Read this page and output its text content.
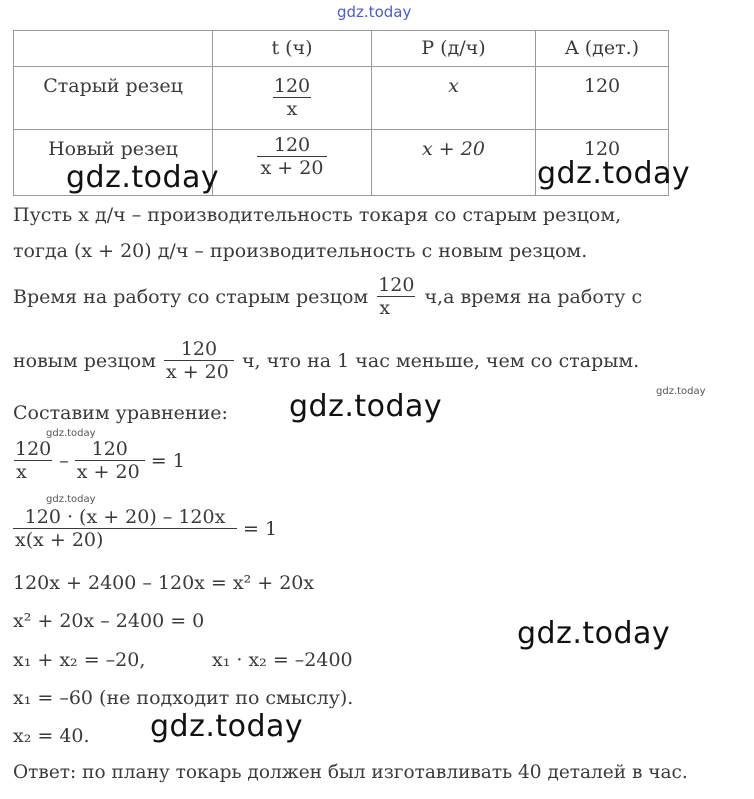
gdz.today
	t (ч)	P (д/ч)	A (дет.)
Старый резец	$\frac{120}{x}$	x	120
Новый резец	$\frac{120}{x + 20}$	x + 20	120
Пусть x д/ч – производительность токаря со старым резцом,
тогда (x + 20) д/ч – производительность с новым резцом.
Время на работу со старым резцом $\frac{120}{x} ч,а$ время на работу с
новым резцом $\frac{120}{x + 20} ч$, что на 1 час меньше, чем со старым.
Составим уравнение:
$\frac{120}{x} - \frac{120}{x + 20} = 1$
$\frac{120 \cdot (x + 20) - 120x}{x(x + 20)} = 1$
120x + 2400 – 120x = x² + 20x
x² + 20x – 2400 = 0
x₁ + x₂ = –20,	x₁ · x₂ = –2400
x₁ = –60 (не подходит по смыслу).
x₂ = 40.
Ответ: по плану токарь должен был изготавливать 40 деталей в час.
gdz.today	gdz.today
gdz.today
gdz.today
gdz.today
gdz.today
gdz.today
gdz.today
